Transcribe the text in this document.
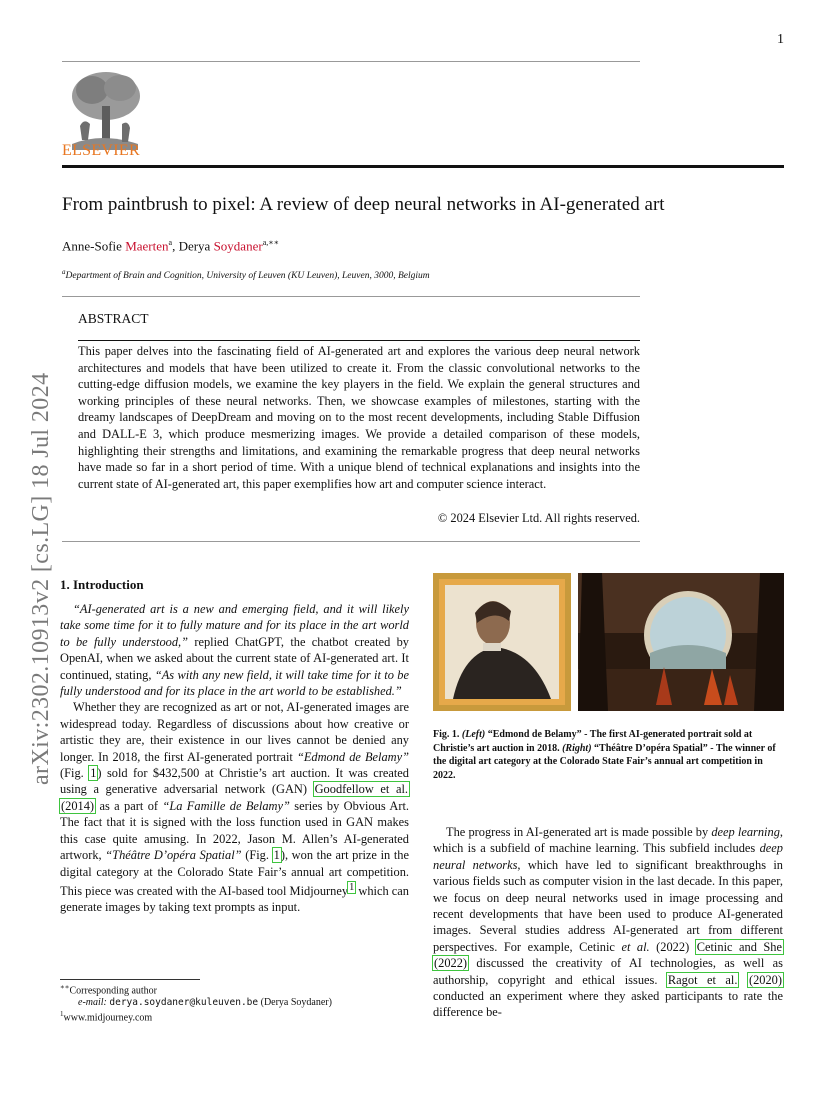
1
ELSEVIER
From paintbrush to pixel: A review of deep neural networks in AI-generated art
Anne-Sofie Maerten$^a$, Derya Soydaner$^{a,∗∗}$
$^a$Department of Brain and Cognition, University of Leuven (KU Leuven), Leuven, 3000, Belgium
ABSTRACT
This paper delves into the fascinating field of AI-generated art and explores the various deep neural network architectures and models that have been utilized to create it. From the classic convolutional networks to the cutting-edge diffusion models, we examine the key players in the field. We explain the general structures and working principles of these neural networks. Then, we showcase examples of milestones, starting with the dreamy landscapes of DeepDream and moving on to the most recent developments, including Stable Diffusion and DALL-E 3, which produce mesmerizing images. We provide a detailed comparison of these models, highlighting their strengths and limitations, and examining the remarkable progress that deep neural networks have made so far in a short period of time. With a unique blend of technical explanations and insights into the current state of AI-generated art, this paper exemplifies how art and computer science interact.
© 2024 Elsevier Ltd. All rights reserved.
arXiv:2302.10913v2 [cs.LG] 18 Jul 2024 1. Introduction

“AI-generated art is a new and emerging field, and it will likely take some time for it to fully mature and for its place in the art world to be fully understood,” replied ChatGPT, the chatbot created by OpenAI, when we asked about the current state of AI-generated art. It continued, stating, “As with any new field, it will take time for it to be fully understood and for its place in the art world to be established.”

Whether they are recognized as art or not, AI-generated images are widespread today. Regardless of discussions about how creative or artistic they are, their existence in our lives cannot be denied any longer. In 2018, the first AI-generated portrait “Edmond de Belamy” (Fig. 1) sold for $432,500 at Christie’s art auction. It was created using a generative adversarial network (GAN) Goodfellow et al. (2014) as a part of “La Famille de Belamy” series by Obvious Art. The fact that it is signed with the loss function used in GAN makes this case quite amusing. In 2022, Jason M. Allen’s AI-generated artwork, “Théâtre D’opéra Spatial” (Fig. 1), won the art prize in the digital category at the Colorado State Fair’s annual art competition. This piece was created with the AI-based tool Midjourney$^1$ which can generate images by taking text prompts as input.

∗∗Corresponding author
e-mail: derya.soydaner@kuleuven.be (Derya Soydaner)
$^1$www.midjourney.com
Fig. 1. (Left) “Edmond de Belamy” - The first AI-generated portrait sold at Christie’s art auction in 2018. (Right) “Théâtre D’opéra Spatial” - The winner of the digital art category at the Colorado State Fair’s annual art competition in 2022.

The progress in AI-generated art is made possible by deep learning, which is a subfield of machine learning. This subfield includes deep neural networks, which have led to significant breakthroughs in various fields such as computer vision in the last decade. In this paper, we focus on deep neural networks used in image processing and recent developments that have been used to produce AI-generated images. Several studies address AI-generated art from different perspectives. For example, Cetinic et al. (2022) Cetinic and She (2022) discussed the creativity of AI technologies, as well as authorship, copyright and ethical issues. Ragot et al. (2020) conducted an experiment where they asked participants to rate the difference be-
